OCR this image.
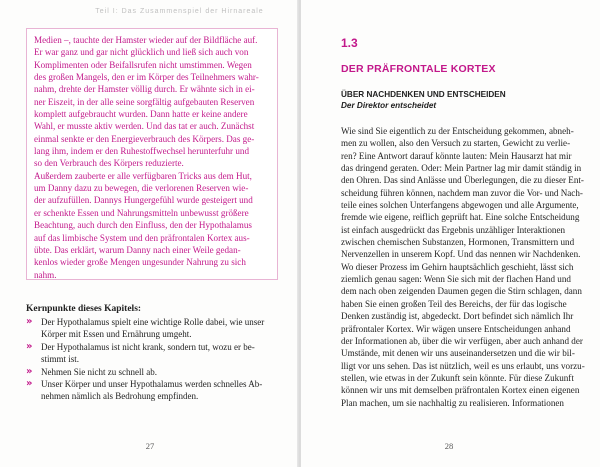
Teil I: Das Zusammenspiel der Hirnareale
Medien –, tauchte der Hamster wieder auf der Bildfläche auf.
Er war ganz und gar nicht glücklich und ließ sich auch von
Komplimenten oder Beifallsrufen nicht umstimmen. Wegen
des großen Mangels, den er im Körper des Teilnehmers wahr-
nahm, drehte der Hamster völlig durch. Er wähnte sich in ei-
ner Eiszeit, in der alle seine sorgfältig aufgebauten Reserven
komplett aufgebraucht wurden. Dann hatte er keine andere
Wahl, er musste aktiv werden. Und das tat er auch. Zunächst
einmal senkte er den Energieverbrauch des Körpers. Das ge-
lang ihm, indem er den Ruhestoffwechsel herunterfuhr und
so den Verbrauch des Körpers reduzierte.
Außerdem zauberte er alle verfügbaren Tricks aus dem Hut,
um Danny dazu zu bewegen, die verlorenen Reserven wie-
der aufzufüllen. Dannys Hungergefühl wurde gesteigert und
er schenkte Essen und Nahrungsmitteln unbewusst größere
Beachtung, auch durch den Einfluss, den der Hypothalamus
auf das limbische System und den präfrontalen Kortex aus-
übte. Das erklärt, warum Danny nach einer Weile gedan-
kenlos wieder große Mengen ungesunder Nahrung zu sich
nahm.
Kernpunkte dieses Kapitels:
» Der Hypothalamus spielt eine wichtige Rolle dabei, wie unser
Körper mit Essen und Ernährung umgeht.
» Der Hypothalamus ist nicht krank, sondern tut, wozu er be-
stimmt ist.
» Nehmen Sie nicht zu schnell ab.
» Unser Körper und unser Hypothalamus werden schnelles Ab-
nehmen nämlich als Bedrohung empfinden.
27
1.3
DER PRÄFRONTALE KORTEX
ÜBER NACHDENKEN UND ENTSCHEIDEN
Der Direktor entscheidet
Wie sind Sie eigentlich zu der Entscheidung gekommen, abneh-
men zu wollen, also den Versuch zu starten, Gewicht zu verlie-
ren? Eine Antwort darauf könnte lauten: Mein Hausarzt hat mir
das dringend geraten. Oder: Mein Partner lag mir damit ständig in
den Ohren. Das sind Anlässe und Überlegungen, die zu dieser Ent-
scheidung führen können, nachdem man zuvor die Vor- und Nach-
teile eines solchen Unterfangens abgewogen und alle Argumente,
fremde wie eigene, reiflich geprüft hat. Eine solche Entscheidung
ist einfach ausgedrückt das Ergebnis unzähliger Interaktionen
zwischen chemischen Substanzen, Hormonen, Transmittern und
Nervenzellen in unserem Kopf. Und das nennen wir Nachdenken.
Wo dieser Prozess im Gehirn hauptsächlich geschieht, lässt sich
ziemlich genau sagen: Wenn Sie sich mit der flachen Hand und
dem nach oben zeigenden Daumen gegen die Stirn schlagen, dann
haben Sie einen großen Teil des Bereichs, der für das logische
Denken zuständig ist, abgedeckt. Dort befindet sich nämlich Ihr
präfrontaler Kortex. Wir wägen unsere Entscheidungen anhand
der Informationen ab, über die wir verfügen, aber auch anhand der
Umstände, mit denen wir uns auseinandersetzen und die wir bil-
lligt vor uns sehen. Das ist nützlich, weil es uns erlaubt, uns vorzu-
stellen, wie etwas in der Zukunft sein könnte. Für diese Zukunft
können wir uns mit demselben präfrontalen Kortex einen eigenen
Plan machen, um sie nachhaltig zu realisieren. Informationen
28
